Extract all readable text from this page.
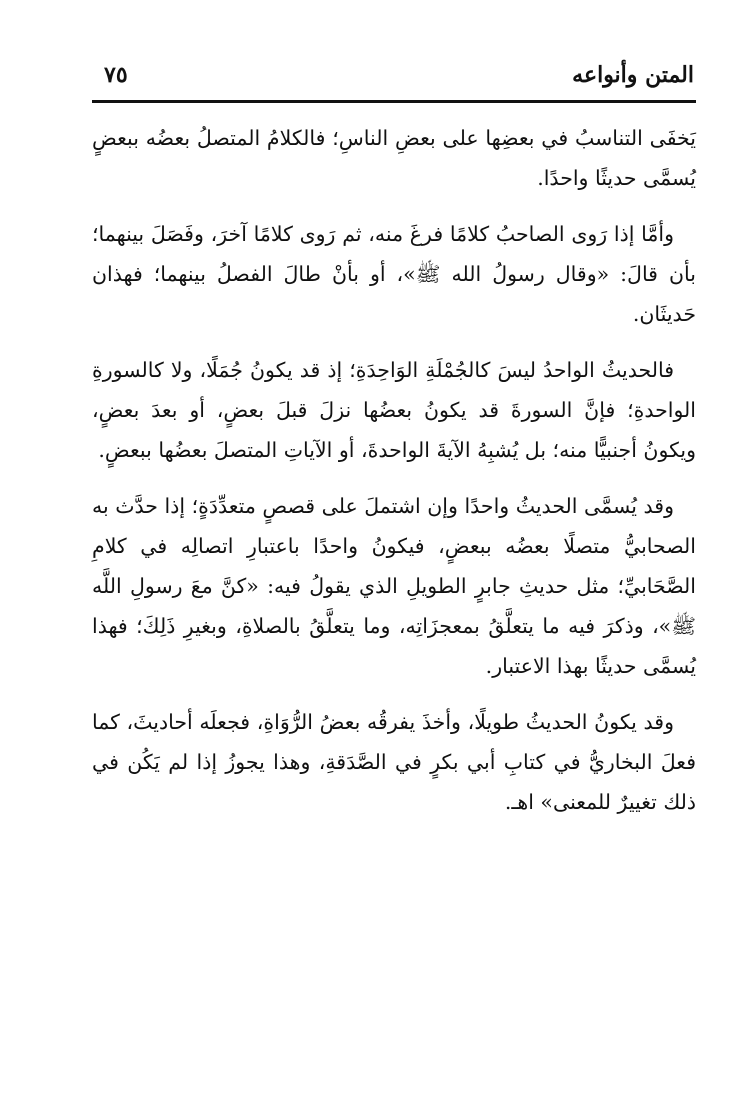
المتن وأنواعه
٧٥

يَخفَى التناسبُ في بعضِها على بعضِ الناسِ؛ فالكلامُ المتصلُ بعضُه ببعضٍ يُسمَّى حديثًا واحدًا.

وأمَّا إذا رَوى الصاحبُ كلامًا فرغَ منه، ثم رَوى كلامًا آخرَ، وفَصَلَ بينهما؛ بأن قالَ: «وقال رسولُ الله ﷺ»، أو بأنْ طالَ الفصلُ بينهما؛ فهذان حَديثَان.

فالحديثُ الواحدُ ليسَ كالجُمْلَةِ الوَاحِدَةِ؛ إذ قد يكونُ جُمَلًا، ولا كالسورةِ الواحدةِ؛ فإنَّ السورةَ قد يكونُ بعضُها نزلَ قبلَ بعضٍ، أو بعدَ بعضٍ، ويكونُ أجنبيًّا منه؛ بل يُشبِهُ الآيةَ الواحدةَ، أو الآياتِ المتصلَ بعضُها ببعضٍ.

وقد يُسمَّى الحديثُ واحدًا وإن اشتملَ على قصصٍ متعدِّدَةٍ؛ إذا حدَّث به الصحابيُّ متصلًا بعضُه ببعضٍ، فيكونُ واحدًا باعتبارِ اتصالِه في كلامِ الصَّحَابيِّ؛ مثل حديثِ جابرٍ الطويلِ الذي يقولُ فيه: «كنَّ معَ رسولِ اللَّه ﷺ»، وذكرَ فيه ما يتعلَّقُ بمعجزَاتِه، وما يتعلَّقُ بالصلاةِ، وبغيرِ ذَلِكَ؛ فهذا يُسمَّى حديثًا بهذا الاعتبار.

وقد يكونُ الحديثُ طويلًا، وأخذَ يفرقُه بعضُ الرُّوَاةِ، فجعلَه أحاديثَ، كما فعلَ البخاريُّ في كتابِ أبي بكرٍ في الصَّدَقةِ، وهذا يجوزُ إذا لم يَكُن في ذلك تغييرٌ للمعنى» اهـ.
